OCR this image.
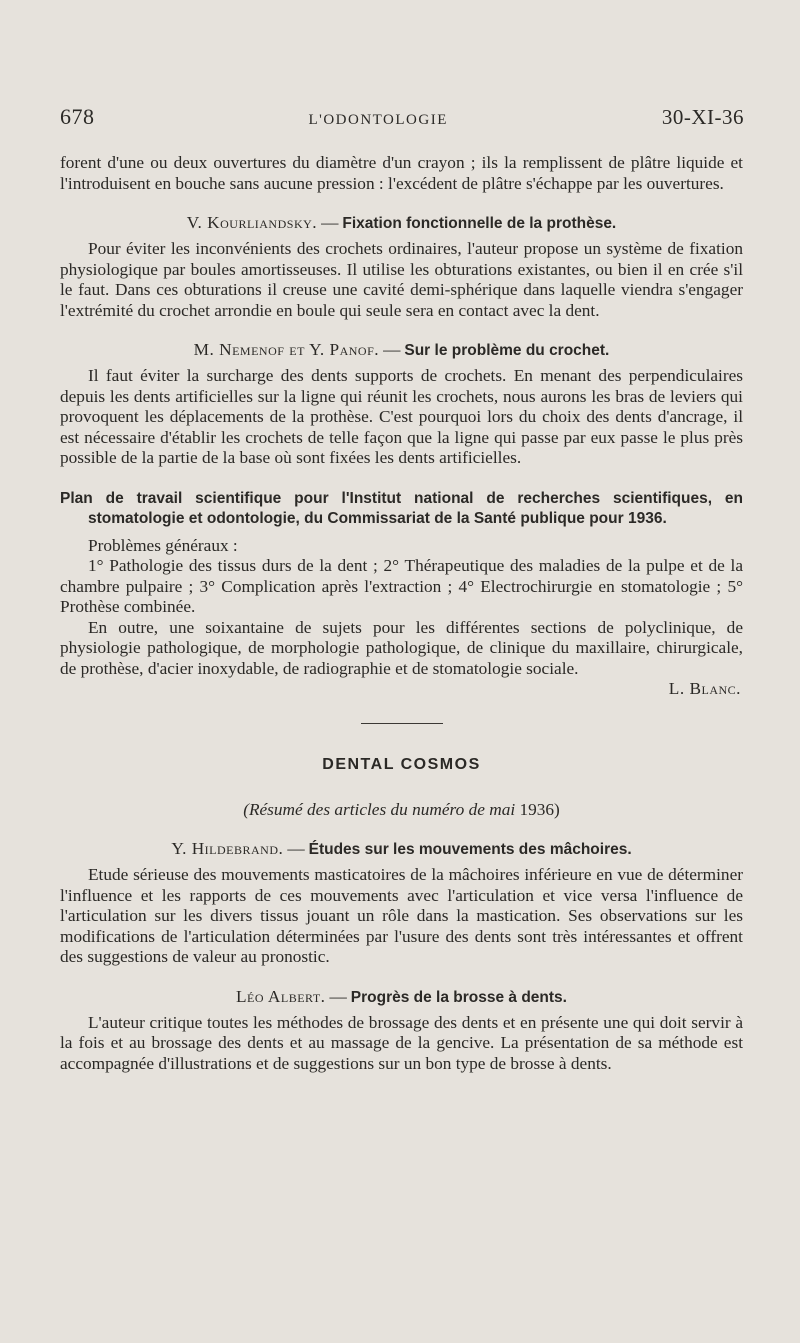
678	L'ODONTOLOGIE	30-XI-36

forent d'une ou deux ouvertures du diamètre d'un crayon ; ils la remplissent de plâtre liquide et l'introduisent en bouche sans aucune pression : l'excédent de plâtre s'échappe par les ouvertures.

V. Kourliandsky. — Fixation fonctionnelle de la prothèse.

Pour éviter les inconvénients des crochets ordinaires, l'auteur propose un système de fixation physiologique par boules amortisseuses. Il utilise les obturations existantes, ou bien il en crée s'il le faut. Dans ces obturations il creuse une cavité demi-sphérique dans laquelle viendra s'engager l'extrémité du crochet arrondie en boule qui seule sera en contact avec la dent.

M. Nemenof et Y. Panof. — Sur le problème du crochet.

Il faut éviter la surcharge des dents supports de crochets. En menant des perpendiculaires depuis les dents artificielles sur la ligne qui réunit les crochets, nous aurons les bras de leviers qui provoquent les déplacements de la prothèse. C'est pourquoi lors du choix des dents d'ancrage, il est nécessaire d'établir les crochets de telle façon que la ligne qui passe par eux passe le plus près possible de la partie de la base où sont fixées les dents artificielles.

Plan de travail scientifique pour l'Institut national de recherches scientifiques, en stomatologie et odontologie, du Commissariat de la Santé publique pour 1936.

Problèmes généraux :

1° Pathologie des tissus durs de la dent ; 2° Thérapeutique des maladies de la pulpe et de la chambre pulpaire ; 3° Complication après l'extraction ; 4° Electrochirurgie en stomatologie ; 5° Prothèse combinée.

En outre, une soixantaine de sujets pour les différentes sections de polyclinique, de physiologie pathologique, de morphologie pathologique, de clinique du maxillaire, chirurgicale, de prothèse, d'acier inoxydable, de radiographie et de stomatologie sociale.

L. Blanc.
DENTAL COSMOS
(Résumé des articles du numéro de mai 1936)
Y. Hildebrand. — Études sur les mouvements des mâchoires.

Etude sérieuse des mouvements masticatoires de la mâchoires inférieure en vue de déterminer l'influence et les rapports de ces mouvements avec l'articulation et vice versa l'influence de l'articulation sur les divers tissus jouant un rôle dans la mastication. Ses observations sur les modifications de l'articulation déterminées par l'usure des dents sont très intéressantes et offrent des suggestions de valeur au pronostic.

Léo Albert. — Progrès de la brosse à dents.

L'auteur critique toutes les méthodes de brossage des dents et en présente une qui doit servir à la fois et au brossage des dents et au massage de la gencive. La présentation de sa méthode est accompagnée d'illustrations et de suggestions sur un bon type de brosse à dents.
